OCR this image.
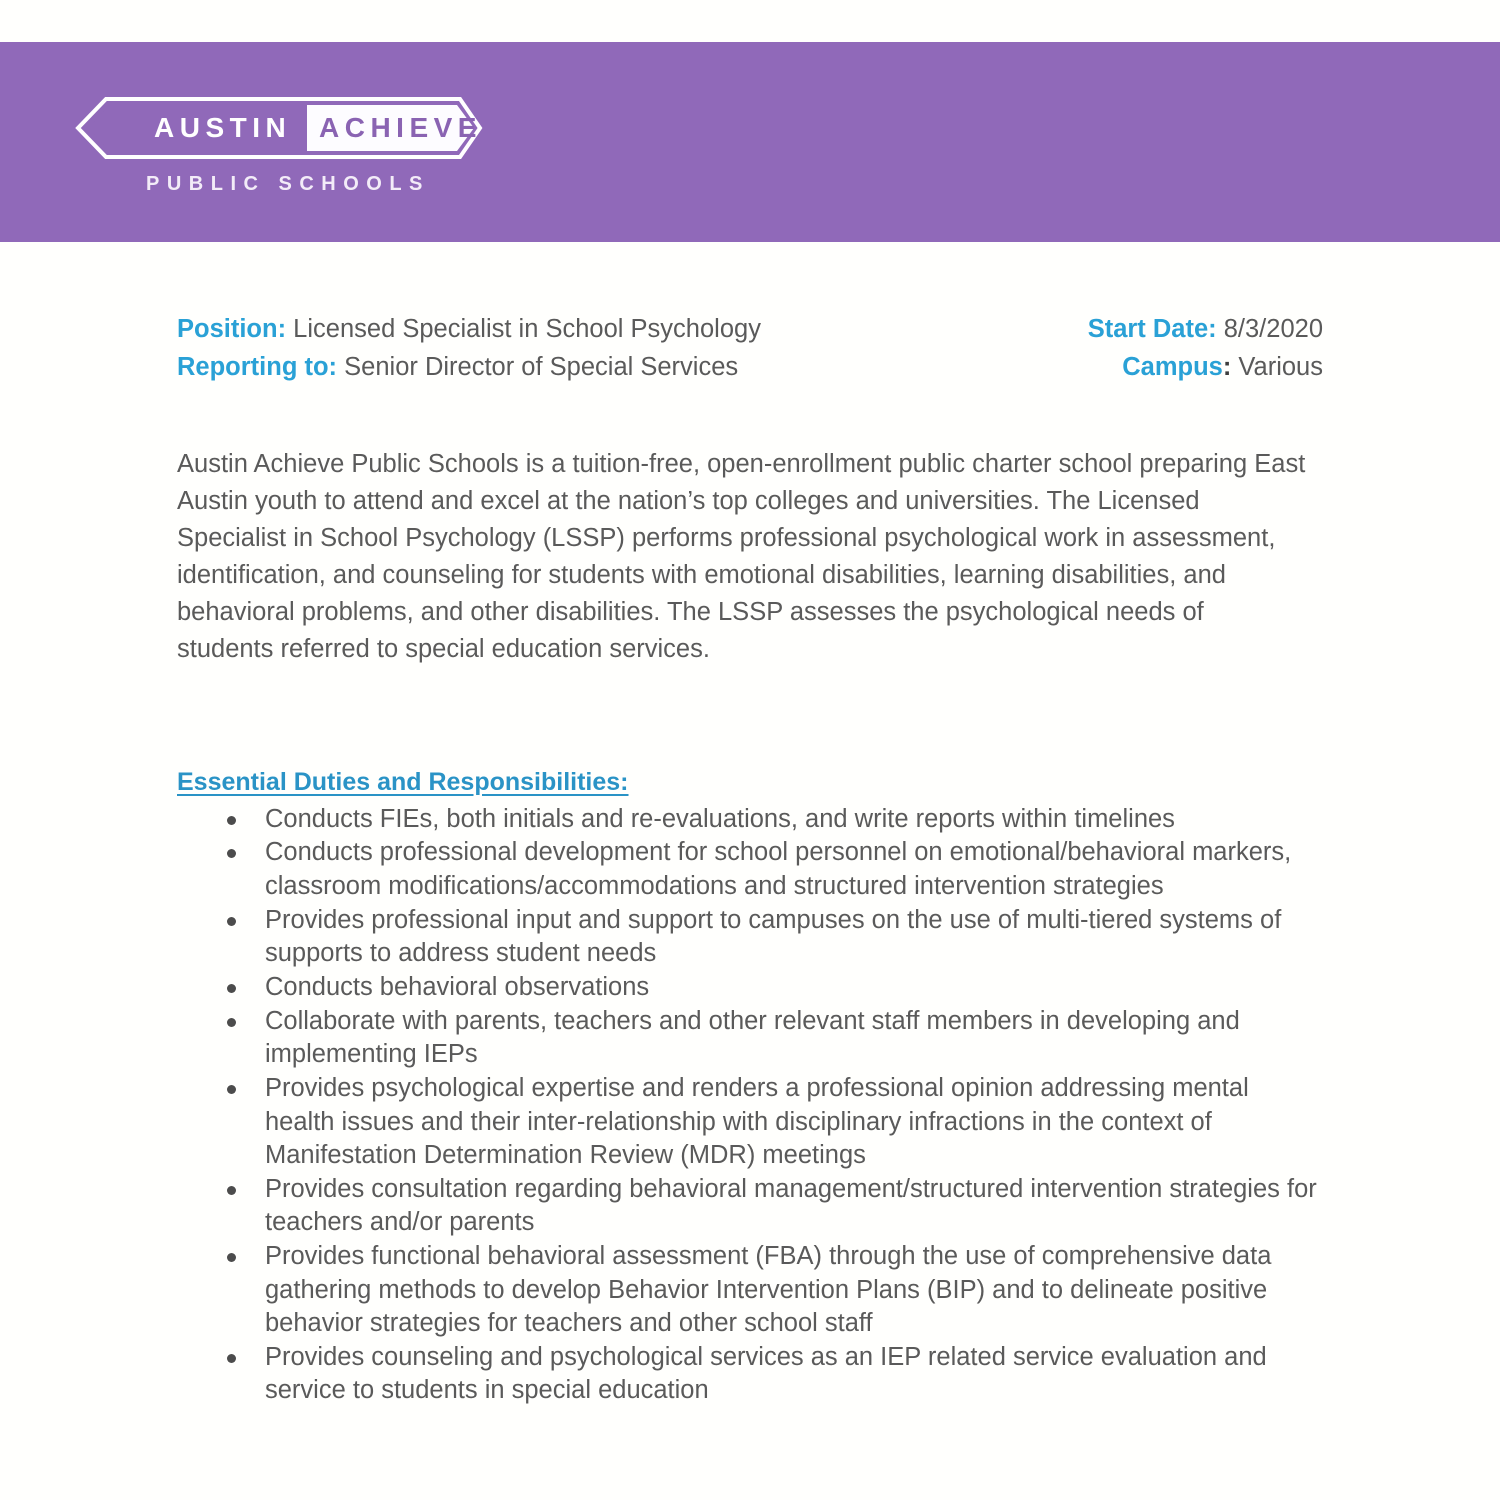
AUSTIN ACHIEVE
PUBLIC SCHOOLS
Position: Licensed Specialist in School Psychology	Start Date: 8/3/2020
Reporting to: Senior Director of Special Services	Campus: Various

Austin Achieve Public Schools is a tuition-free, open-enrollment public charter school preparing East Austin youth to attend and excel at the nation’s top colleges and universities. The Licensed Specialist in School Psychology (LSSP) performs professional psychological work in assessment, identification, and counseling for students with emotional disabilities, learning disabilities, and behavioral problems, and other disabilities. The LSSP assesses the psychological needs of students referred to special education services.

Essential Duties and Responsibilities:
Conducts FIEs, both initials and re-evaluations, and write reports within timelines
Conducts professional development for school personnel on emotional/behavioral markers, classroom modifications/accommodations and structured intervention strategies
Provides professional input and support to campuses on the use of multi-tiered systems of supports to address student needs
Conducts behavioral observations
Collaborate with parents, teachers and other relevant staff members in developing and implementing IEPs
Provides psychological expertise and renders a professional opinion addressing mental health issues and their inter-relationship with disciplinary infractions in the context of Manifestation Determination Review (MDR) meetings
Provides consultation regarding behavioral management/structured intervention strategies for teachers and/or parents
Provides functional behavioral assessment (FBA) through the use of comprehensive data gathering methods to develop Behavior Intervention Plans (BIP) and to delineate positive behavior strategies for teachers and other school staff
Provides counseling and psychological services as an IEP related service evaluation and service to students in special education
